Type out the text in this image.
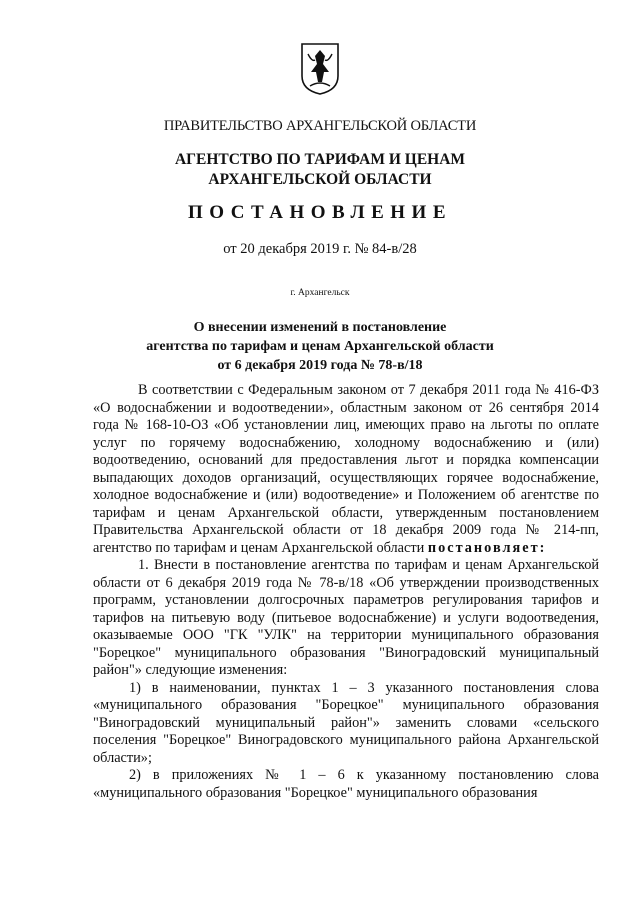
ПРАВИТЕЛЬСТВО АРХАНГЕЛЬСКОЙ ОБЛАСТИ
АГЕНТСТВО ПО ТАРИФАМ И ЦЕНАМ
АРХАНГЕЛЬСКОЙ ОБЛАСТИ
ПОСТАНОВЛЕНИЕ
от 20 декабря 2019 г. № 84-в/28
г. Архангельск
О внесении изменений в постановление
агентства по тарифам и ценам Архангельской области
от 6 декабря 2019 года № 78-в/18

В соответствии с Федеральным законом от 7 декабря 2011 года № 416-ФЗ «О водоснабжении и водоотведении», областным законом от 26 сентября 2014 года № 168-10-ОЗ «Об установлении лиц, имеющих право на льготы по оплате услуг по горячему водоснабжению, холодному водоснабжению и (или) водоотведению, оснований для предоставления льгот и порядка компенсации выпадающих доходов организаций, осуществляющих горячее водоснабжение, холодное водоснабжение и (или) водоотведение» и Положением об агентстве по тарифам и ценам Архангельской области, утвержденным постановлением Правительства Архангельской области от 18 декабря 2009 года № 214-пп, агентство по тарифам и ценам Архангельской области постановляет:

1. Внести в постановление агентства по тарифам и ценам Архангельской области от 6 декабря 2019 года № 78-в/18 «Об утверждении производственных программ, установлении долгосрочных параметров регулирования тарифов и тарифов на питьевую воду (питьевое водоснабжение) и услуги водоотведения, оказываемые ООО "ГК "УЛК" на территории муниципального образования "Борецкое" муниципального образования "Виноградовский муниципальный район"» следующие изменения:

1) в наименовании, пунктах 1 – 3 указанного постановления слова «муниципального образования "Борецкое" муниципального образования "Виноградовский муниципальный район"» заменить словами «сельского поселения "Борецкое" Виноградовского муниципального района Архангельской области»;

2) в приложениях № 1 – 6 к указанному постановлению слова «муниципального образования "Борецкое" муниципального образования
